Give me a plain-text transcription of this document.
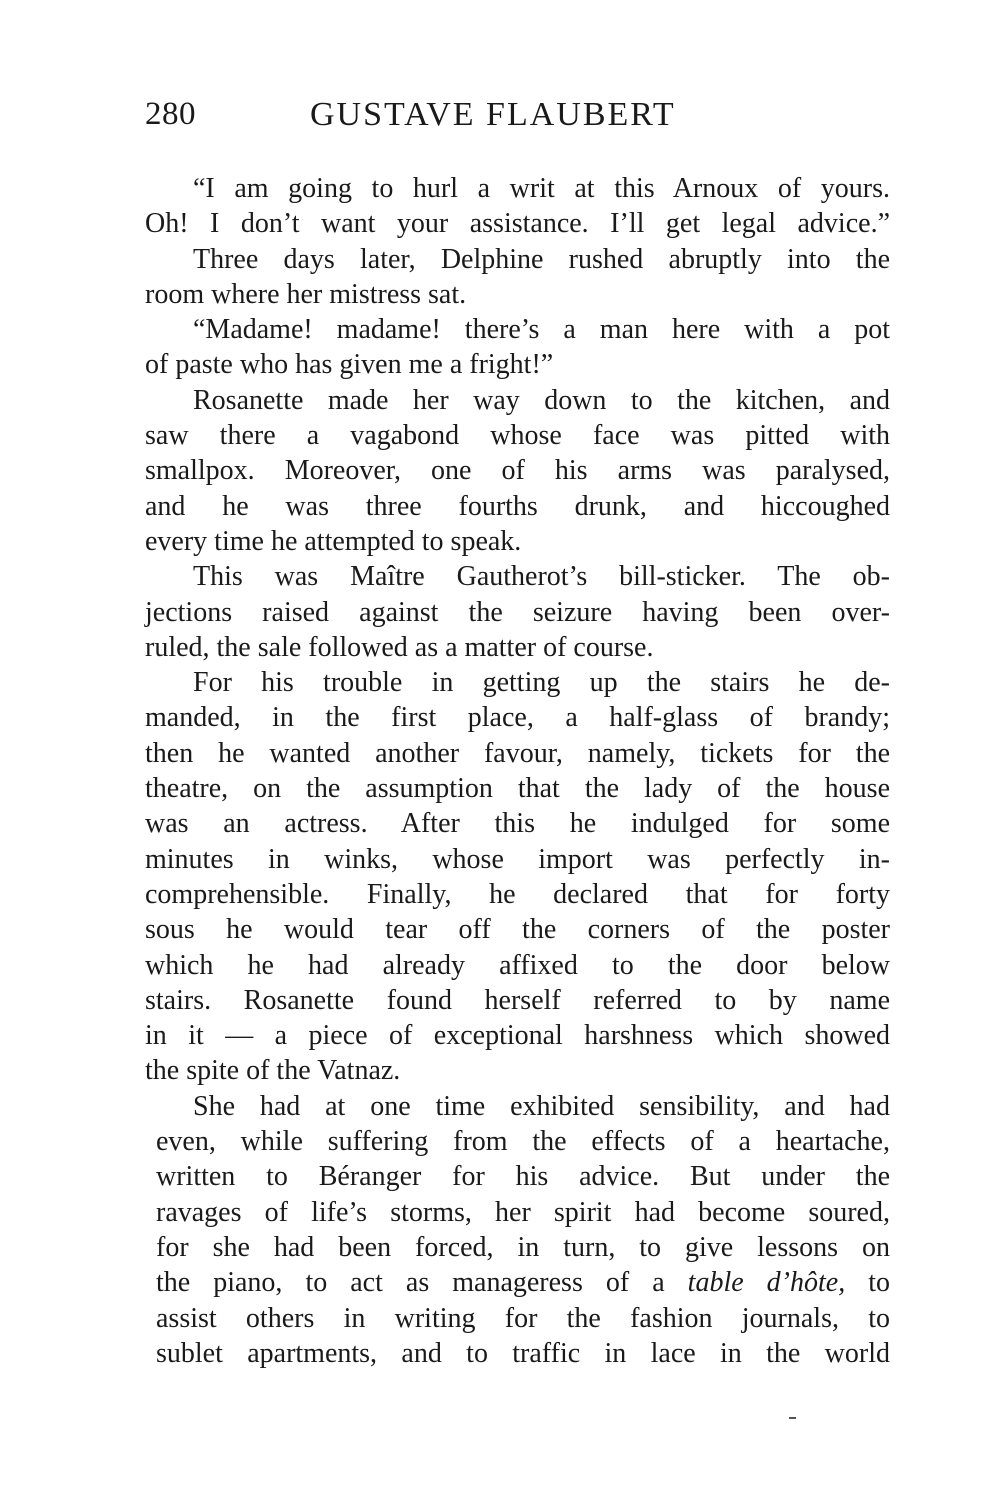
280	GUSTAVE FLAUBERT
“I am going to hurl a writ at this Arnoux of yours.
Oh! I don’t want your assistance. I’ll get legal advice.”
Three days later, Delphine rushed abruptly into the
room where her mistress sat.
“Madame! madame! there’s a man here with a pot
of paste who has given me a fright!”
Rosanette made her way down to the kitchen, and
saw there a vagabond whose face was pitted with
smallpox. Moreover, one of his arms was paralysed,
and he was three fourths drunk, and hiccoughed
every time he attempted to speak.
This was Maître Gautherot’s bill-sticker. The ob-
jections raised against the seizure having been over-
ruled, the sale followed as a matter of course.
For his trouble in getting up the stairs he de-
manded, in the first place, a half-glass of brandy;
then he wanted another favour, namely, tickets for the
theatre, on the assumption that the lady of the house
was an actress. After this he indulged for some
minutes in winks, whose import was perfectly in-
comprehensible. Finally, he declared that for forty
sous he would tear off the corners of the poster
which he had already affixed to the door below
stairs. Rosanette found herself referred to by name
in it — a piece of exceptional harshness which showed
the spite of the Vatnaz.
She had at one time exhibited sensibility, and had
even, while suffering from the effects of a heartache,
written to Béranger for his advice. But under the
ravages of life’s storms, her spirit had become soured,
for she had been forced, in turn, to give lessons on
the piano, to act as manageress of a table d’hôte, to
assist others in writing for the fashion journals, to
sublet apartments, and to traffic in lace in the world
